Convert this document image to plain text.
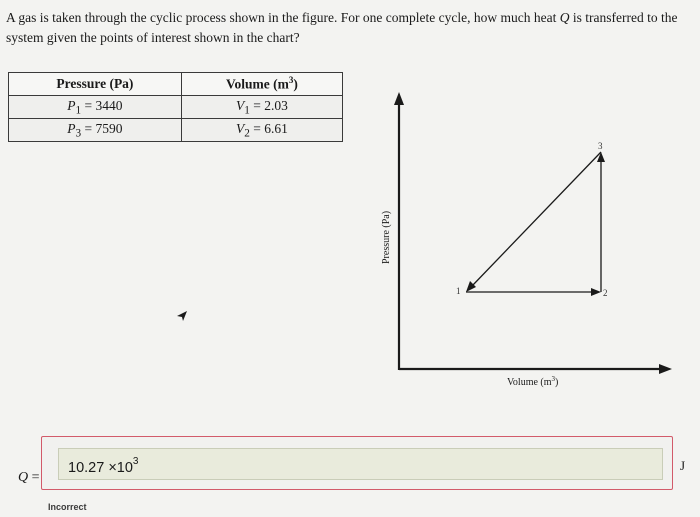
A gas is taken through the cyclic process shown in the figure. For one complete cycle, how much heat Q is transferred to the system given the points of interest shown in the chart?

Pressure (Pa)	Volume $(m^3)$
$P_1 = 3440$	$V_1 = 2.03$
$P_3 = 7590$	$V_2 = 6.61$
1	2
3
Pressure (Pa)
Volume $(m^3)$
Q =
$10.27 \times 10^3$	J
Incorrect
